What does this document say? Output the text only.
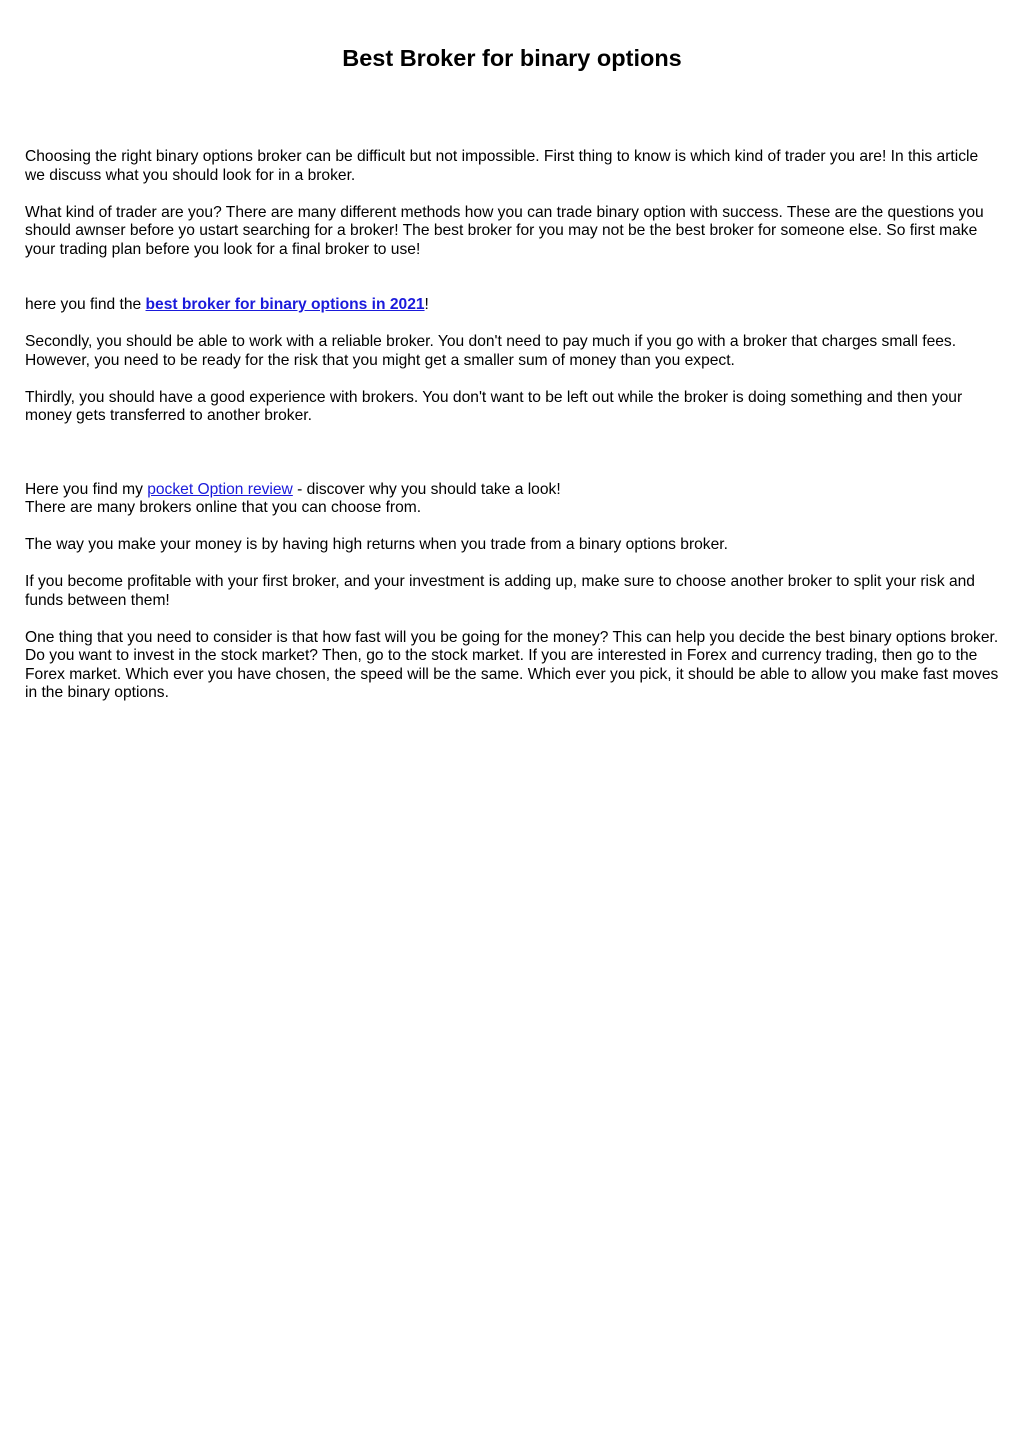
Best Broker for binary options

Choosing the right binary options broker can be difficult but not impossible. First thing to know is which kind of trader you are! In this article we discuss what you should look for in a broker.

What kind of trader are you? There are many different methods how you can trade binary option with success. These are the questions you should awnser before yo ustart searching for a broker! The best broker for you may not be the best broker for someone else. So first make your trading plan before you look for a final broker to use!

here you find the best broker for binary options in 2021!

Secondly, you should be able to work with a reliable broker. You don't need to pay much if you go with a broker that charges small fees. However, you need to be ready for the risk that you might get a smaller sum of money than you expect.

Thirdly, you should have a good experience with brokers. You don't want to be left out while the broker is doing something and then your money gets transferred to another broker.

Here you find my pocket Option review - discover why you should take a look!

There are many brokers online that you can choose from.

The way you make your money is by having high returns when you trade from a binary options broker.

If you become profitable with your first broker, and your investment is adding up, make sure to choose another broker to split your risk and funds between them!

One thing that you need to consider is that how fast will you be going for the money? This can help you decide the best binary options broker. Do you want to invest in the stock market? Then, go to the stock market. If you are interested in Forex and currency trading, then go to the Forex market. Which ever you have chosen, the speed will be the same. Which ever you pick, it should be able to allow you make fast moves in the binary options.
